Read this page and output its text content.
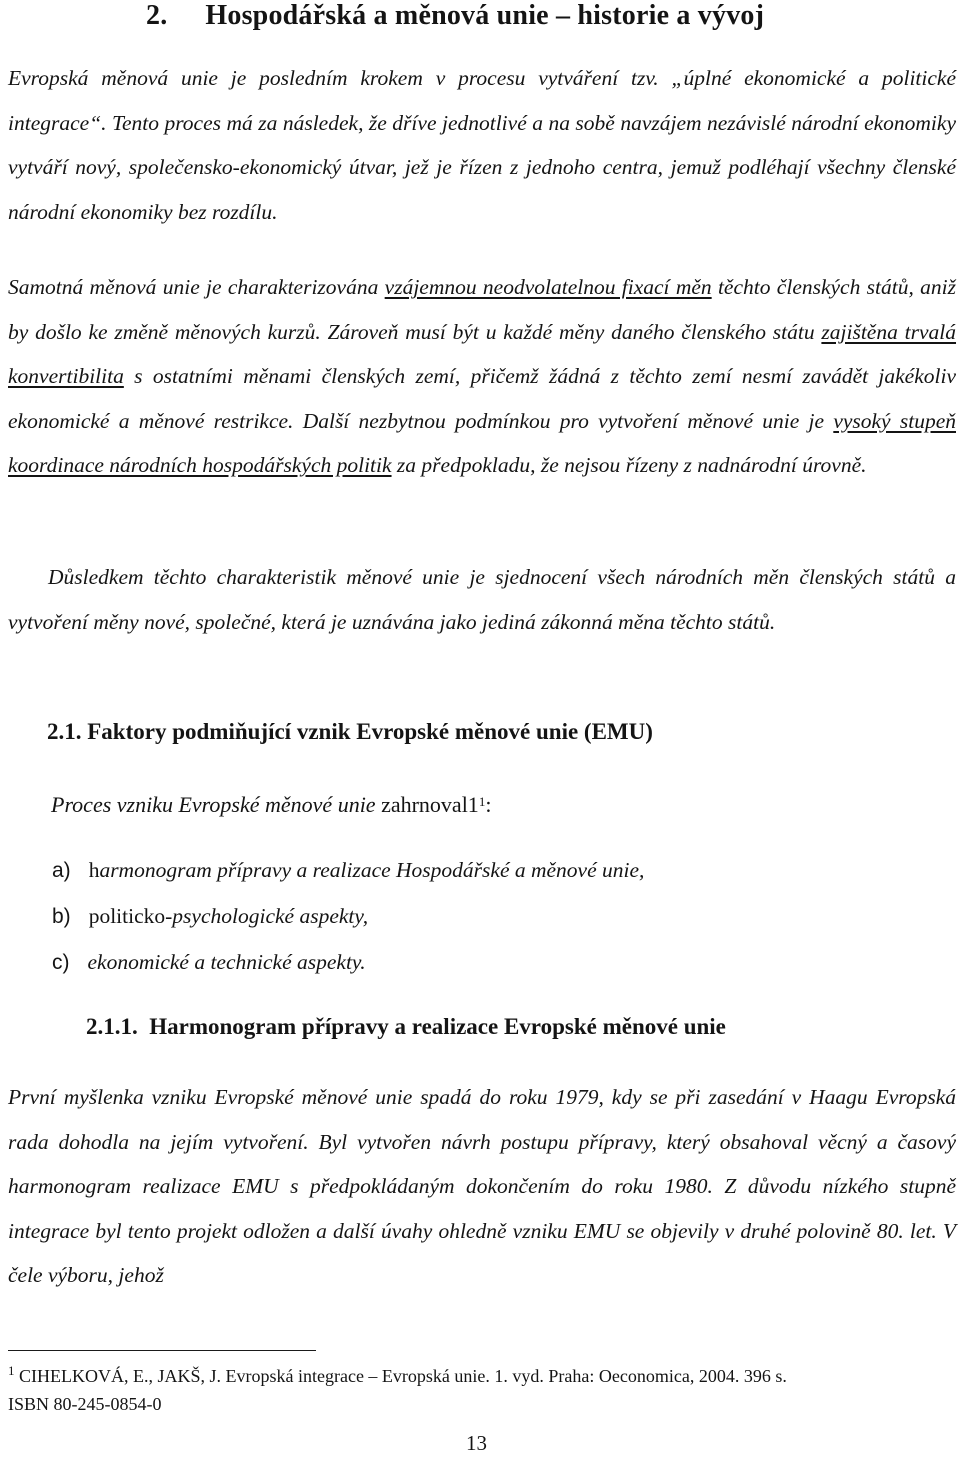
2. Hospodářská a měnová unie – historie a vývoj
Evropská měnová unie je posledním krokem v procesu vytváření tzv. „úplné ekonomické a politické integrace“. Tento proces má za následek, že dříve jednotlivé a na sobě navzájem nezávislé národní ekonomiky vytváří nový, společensko-ekonomický útvar, jež je řízen z jednoho centra, jemuž podléhají všechny členské národní ekonomiky bez rozdílu.
Samotná měnová unie je charakterizována vzájemnou neodvolatelnou fixací měn těchto členských států, aniž by došlo ke změně měnových kurzů. Zároveň musí být u každé měny daného členského státu zajištěna trvalá konvertibilita s ostatními měnami členských zemí, přičemž žádná z těchto zemí nesmí zavádět jakékoliv ekonomické a měnové restrikce. Další nezbytnou podmínkou pro vytvoření měnové unie je vysoký stupeň koordinace národních hospodářských politik za předpokladu, že nejsou řízeny z nadnárodní úrovně.
Důsledkem těchto charakteristik měnové unie je sjednocení všech národních měn členských států a vytvoření měny nové, společné, která je uznávána jako jediná zákonná měna těchto států.
2.1. Faktory podmiňující vznik Evropské měnové unie (EMU)
Proces vzniku Evropské měnové unie $zahrnoval1^1$:
a) harmonogram přípravy a realizace Hospodářské a měnové unie,
b) politicko-psychologické aspekty,
c) ekonomické a technické aspekty.
2.1.1. Harmonogram přípravy a realizace Evropské měnové unie
První myšlenka vzniku Evropské měnové unie spadá do roku 1979, kdy se při zasedání v Haagu Evropská rada dohodla na jejím vytvoření. Byl vytvořen návrh postupu přípravy, který obsahoval věcný a časový harmonogram realizace EMU s předpokládaným dokončením do roku 1980. Z důvodu nízkého stupně integrace byl tento projekt odložen a další úvahy ohledně vzniku EMU se objevily v druhé polovině 80. let. V čele výboru, jehož
$^1$ CIHELKOVÁ, E., JAKŠ, J. Evropská integrace – Evropská unie. 1. vyd. Praha: Oeconomica, 2004. 396 s.
ISBN 80-245-0854-0
13
